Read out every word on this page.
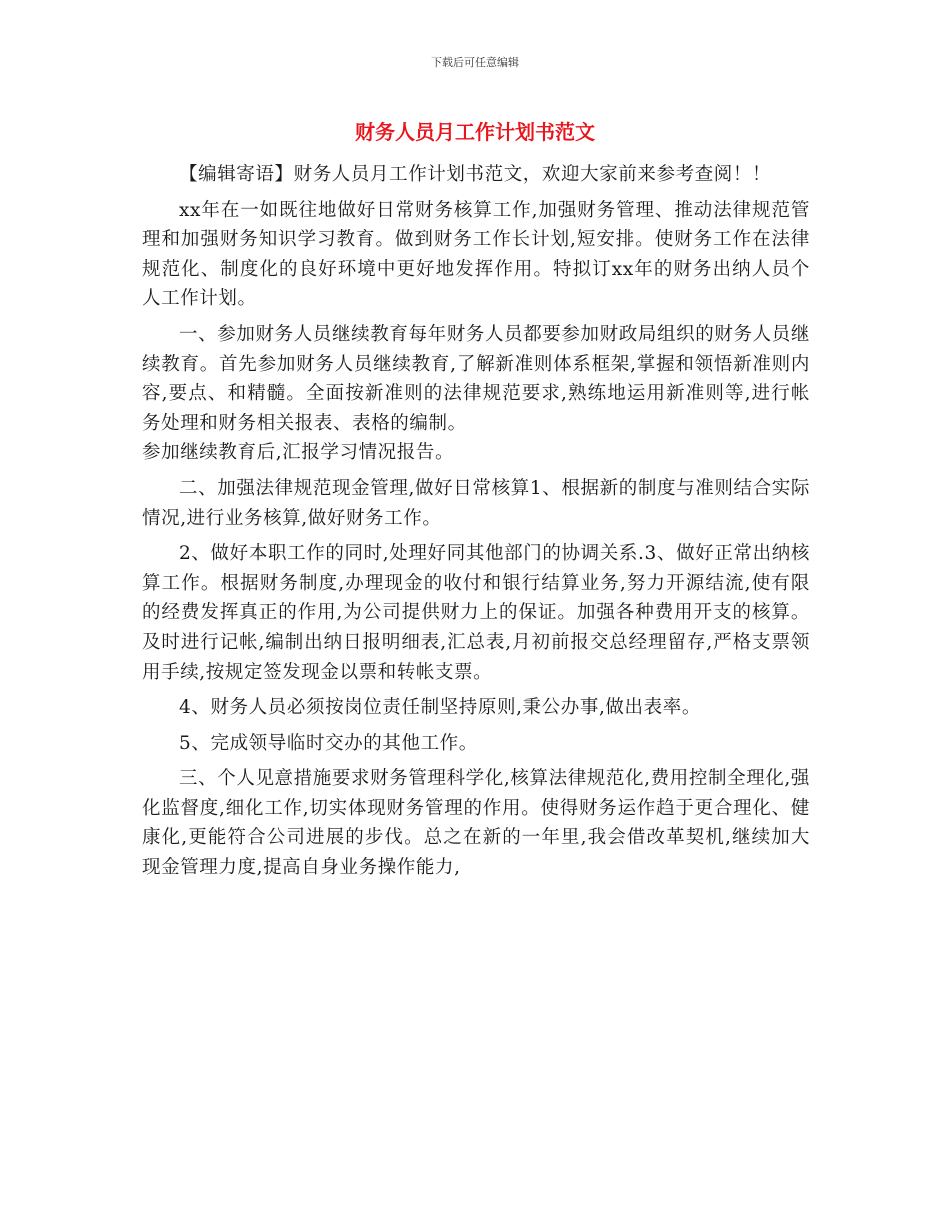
下载后可任意编辑
财务人员月工作计划书范文

【编辑寄语】财务人员月工作计划书范文，欢迎大家前来参考查阅！！

xx年在一如既往地做好日常财务核算工作,加强财务管理、推动法律规范管理和加强财务知识学习教育。做到财务工作长计划,短安排。使财务工作在法律规范化、制度化的良好环境中更好地发挥作用。特拟订xx年的财务出纳人员个人工作计划。

一、参加财务人员继续教育每年财务人员都要参加财政局组织的财务人员继续教育。首先参加财务人员继续教育,了解新准则体系框架,掌握和领悟新准则内容,要点、和精髓。全面按新准则的法律规范要求,熟练地运用新准则等,进行帐务处理和财务相关报表、表格的编制。

参加继续教育后,汇报学习情况报告。

二、加强法律规范现金管理,做好日常核算1、根据新的制度与准则结合实际情况,进行业务核算,做好财务工作。

2、做好本职工作的同时,处理好同其他部门的协调关系.3、做好正常出纳核算工作。根据财务制度,办理现金的收付和银行结算业务,努力开源结流,使有限的经费发挥真正的作用,为公司提供财力上的保证。加强各种费用开支的核算。及时进行记帐,编制出纳日报明细表,汇总表,月初前报交总经理留存,严格支票领用手续,按规定签发现金以票和转帐支票。

4、财务人员必须按岗位责任制坚持原则,秉公办事,做出表率。

5、完成领导临时交办的其他工作。

三、个人见意措施要求财务管理科学化,核算法律规范化,费用控制全理化,强化监督度,细化工作,切实体现财务管理的作用。使得财务运作趋于更合理化、健康化,更能符合公司进展的步伐。总之在新的一年里,我会借改革契机,继续加大现金管理力度,提高自身业务操作能力,
